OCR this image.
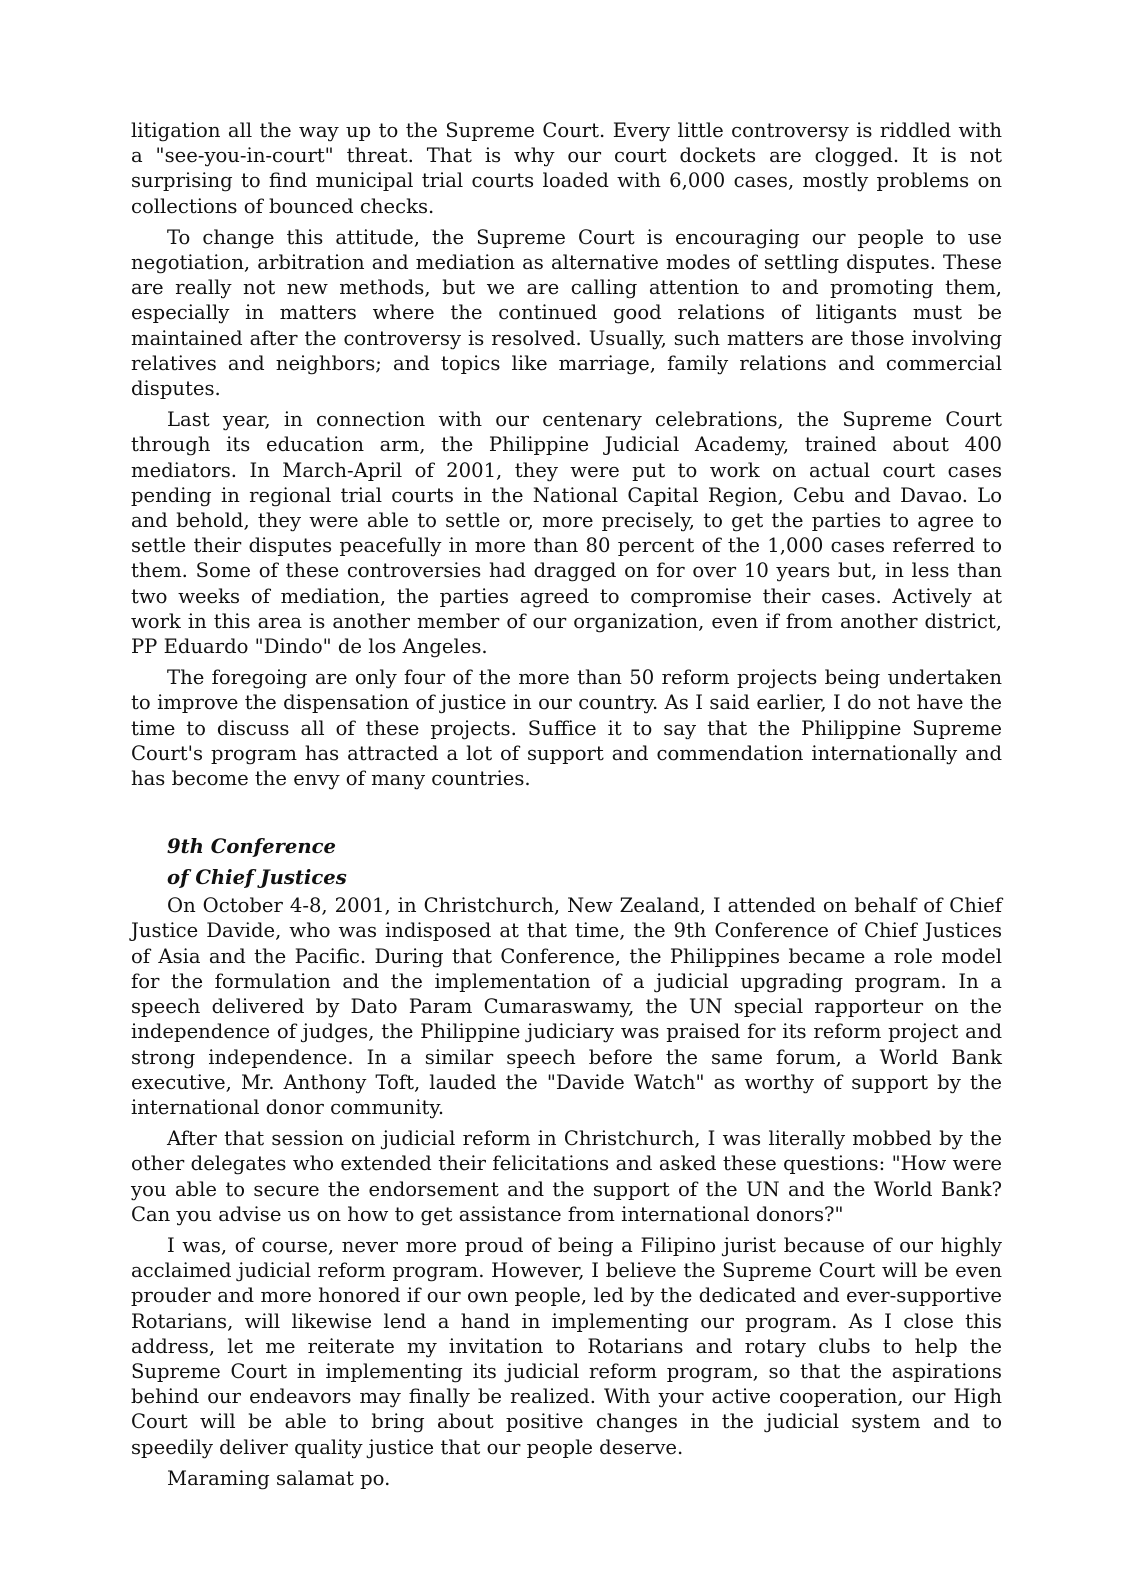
litigation all the way up to the Supreme Court. Every little controversy is riddled with a "see-you-in-court" threat. That is why our court dockets are clogged. It is not surprising to find municipal trial courts loaded with 6,000 cases, mostly problems on collections of bounced checks.

To change this attitude, the Supreme Court is encouraging our people to use negotiation, arbitration and mediation as alternative modes of settling disputes. These are really not new methods, but we are calling attention to and promoting them, especially in matters where the continued good relations of litigants must be maintained after the controversy is resolved. Usually, such matters are those involving relatives and neighbors; and topics like marriage, family relations and commercial disputes.

Last year, in connection with our centenary celebrations, the Supreme Court through its education arm, the Philippine Judicial Academy, trained about 400 mediators. In March-April of 2001, they were put to work on actual court cases pending in regional trial courts in the National Capital Region, Cebu and Davao. Lo and behold, they were able to settle or, more precisely, to get the parties to agree to settle their disputes peacefully in more than 80 percent of the 1,000 cases referred to them. Some of these controversies had dragged on for over 10 years but, in less than two weeks of mediation, the parties agreed to compromise their cases. Actively at work in this area is another member of our organization, even if from another district, PP Eduardo "Dindo" de los Angeles.

The foregoing are only four of the more than 50 reform projects being undertaken to improve the dispensation of justice in our country. As I said earlier, I do not have the time to discuss all of these projects. Suffice it to say that the Philippine Supreme Court's program has attracted a lot of support and commendation internationally and has become the envy of many countries.

9th Conference
of Chief Justices

On October 4-8, 2001, in Christchurch, New Zealand, I attended on behalf of Chief Justice Davide, who was indisposed at that time, the 9th Conference of Chief Justices of Asia and the Pacific. During that Conference, the Philippines became a role model for the formulation and the implementation of a judicial upgrading program. In a speech delivered by Dato Param Cumaraswamy, the UN special rapporteur on the independence of judges, the Philippine judiciary was praised for its reform project and strong independence. In a similar speech before the same forum, a World Bank executive, Mr. Anthony Toft, lauded the "Davide Watch" as worthy of support by the international donor community.

After that session on judicial reform in Christchurch, I was literally mobbed by the other delegates who extended their felicitations and asked these questions: "How were you able to secure the endorsement and the support of the UN and the World Bank? Can you advise us on how to get assistance from international donors?"

I was, of course, never more proud of being a Filipino jurist because of our highly acclaimed judicial reform program. However, I believe the Supreme Court will be even prouder and more honored if our own people, led by the dedicated and ever-supportive Rotarians, will likewise lend a hand in implementing our program. As I close this address, let me reiterate my invitation to Rotarians and rotary clubs to help the Supreme Court in implementing its judicial reform program, so that the aspirations behind our endeavors may finally be realized. With your active cooperation, our High Court will be able to bring about positive changes in the judicial system and to speedily deliver quality justice that our people deserve.

Maraming salamat po.
